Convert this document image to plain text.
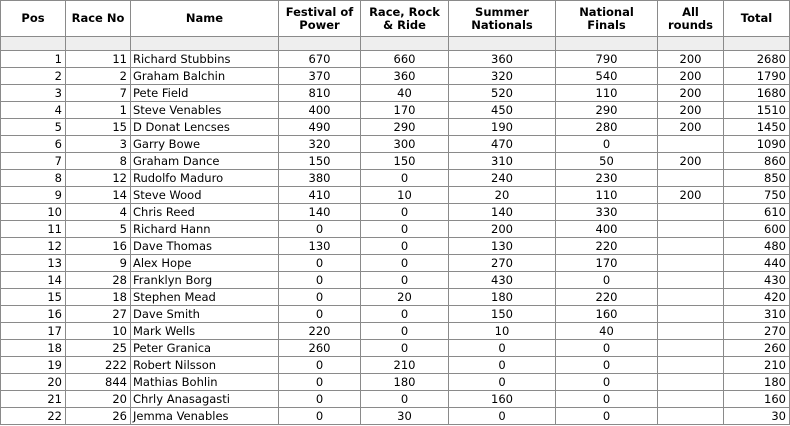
Pos	Race No	Name	Festival of Power	Race, Rock & Ride	Summer Nationals	National Finals	All rounds	Total

1	11	Richard Stubbins	670	660	360	790	200	2680
2	2	Graham Balchin	370	360	320	540	200	1790
3	7	Pete Field	810	40	520	110	200	1680
4	1	Steve Venables	400	170	450	290	200	1510
5	15	D Donat Lencses	490	290	190	280	200	1450
6	3	Garry Bowe	320	300	470	0		1090
7	8	Graham Dance	150	150	310	50	200	860
8	12	Rudolfo Maduro	380	0	240	230		850
9	14	Steve Wood	410	10	20	110	200	750
10	4	Chris Reed	140	0	140	330		610
11	5	Richard Hann	0	0	200	400		600
12	16	Dave Thomas	130	0	130	220		480
13	9	Alex Hope	0	0	270	170		440
14	28	Franklyn Borg	0	0	430	0		430
15	18	Stephen Mead	0	20	180	220		420
16	27	Dave Smith	0	0	150	160		310
17	10	Mark Wells	220	0	10	40		270
18	25	Peter Granica	260	0	0	0		260
19	222	Robert Nilsson	0	210	0	0		210
20	844	Mathias Bohlin	0	180	0	0		180
21	20	Chrly Anasagasti	0	0	160	0		160
22	26	Jemma Venables	0	30	0	0		30
